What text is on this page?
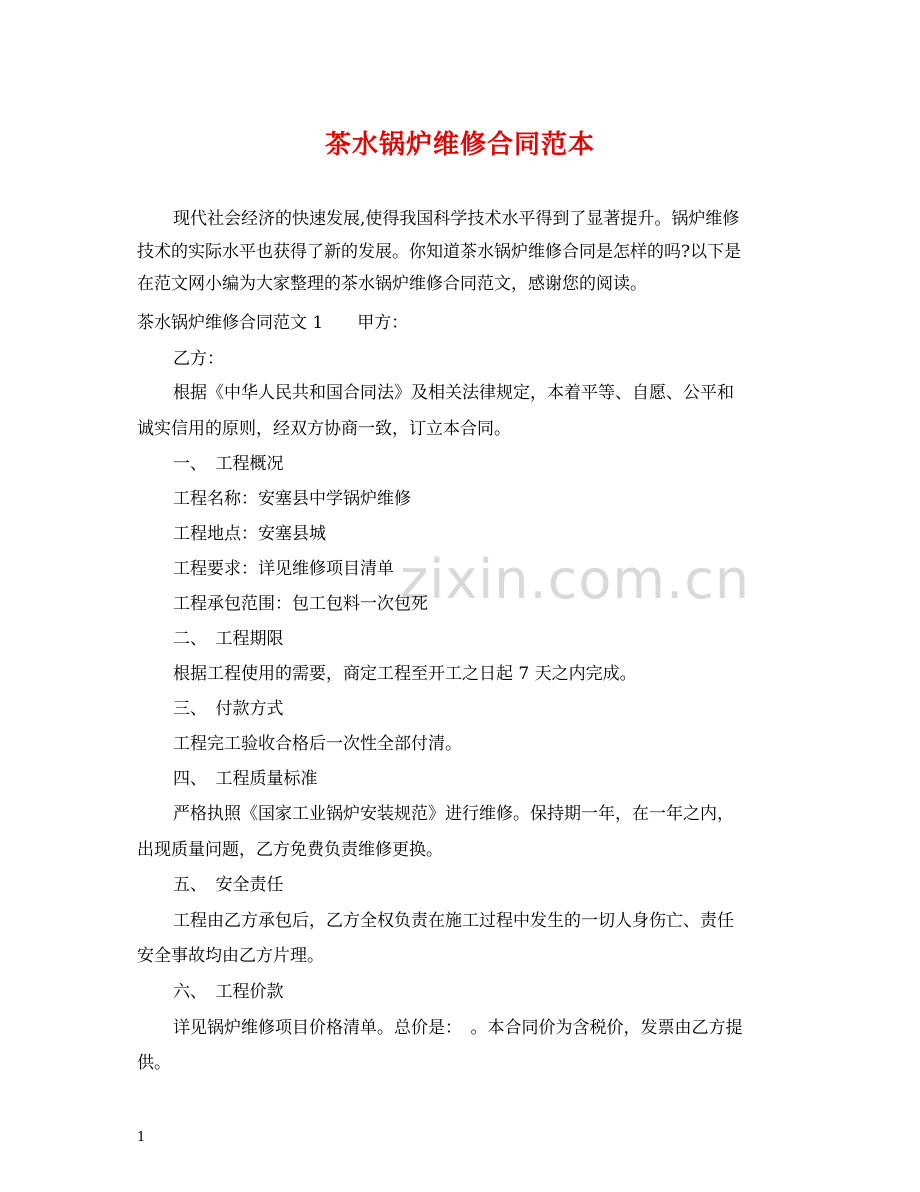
茶水锅炉维修合同范本
zixin.com.cn
现代社会经济的快速发展,使得我国科学技术水平得到了显著提升。锅炉维修
技术的实际水平也获得了新的发展。你知道茶水锅炉维修合同是怎样的吗?以下是
在范文网小编为大家整理的茶水锅炉维修合同范文，感谢您的阅读。
茶水锅炉维修合同范文 1　　甲方：
乙方：
根据《中华人民共和国合同法》及相关法律规定，本着平等、自愿、公平和
诚实信用的原则，经双方协商一致，订立本合同。
一、　工程概况
工程名称：安塞县中学锅炉维修
工程地点：安塞县城
工程要求：详见维修项目清单
工程承包范围：包工包料一次包死
二、　工程期限
根据工程使用的需要，商定工程至开工之日起 7 天之内完成。
三、　付款方式
工程完工验收合格后一次性全部付清。
四、　工程质量标准
严格执照《国家工业锅炉安装规范》进行维修。保持期一年，在一年之内，
出现质量问题，乙方免费负责维修更换。
五、　安全责任
工程由乙方承包后，乙方全权负责在施工过程中发生的一切人身伤亡、责任
安全事故均由乙方片理。
六、　工程价款
详见锅炉维修项目价格清单。总价是：　。本合同价为含税价，发票由乙方提
供。
1
